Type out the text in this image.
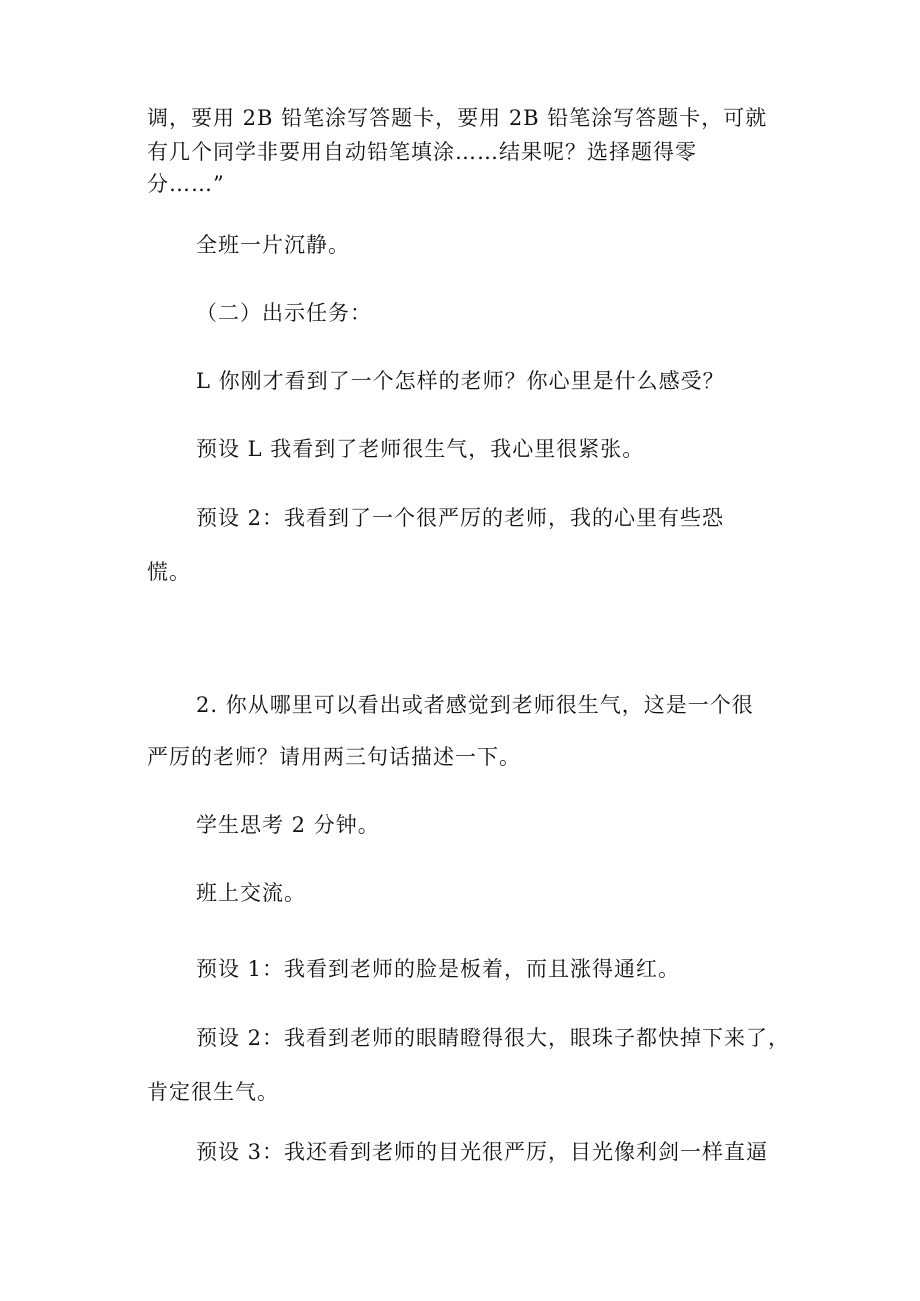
调，要用 2B 铅笔涂写答题卡，要用 2B 铅笔涂写答题卡，可就
有几个同学非要用自动铅笔填涂……结果呢？选择题得零
分……”
全班一片沉静。
（二）出示任务：
L 你刚才看到了一个怎样的老师？你心里是什么感受？
预设 L 我看到了老师很生气，我心里很紧张。
预设 2：我看到了一个很严厉的老师，我的心里有些恐
慌。
2. 你从哪里可以看出或者感觉到老师很生气，这是一个很
严厉的老师？请用两三句话描述一下。
学生思考 2 分钟。
班上交流。
预设 1：我看到老师的脸是板着，而且涨得通红。
预设 2：我看到老师的眼睛瞪得很大，眼珠子都快掉下来了，
肯定很生气。
预设 3：我还看到老师的目光很严厉，目光像利剑一样直逼
